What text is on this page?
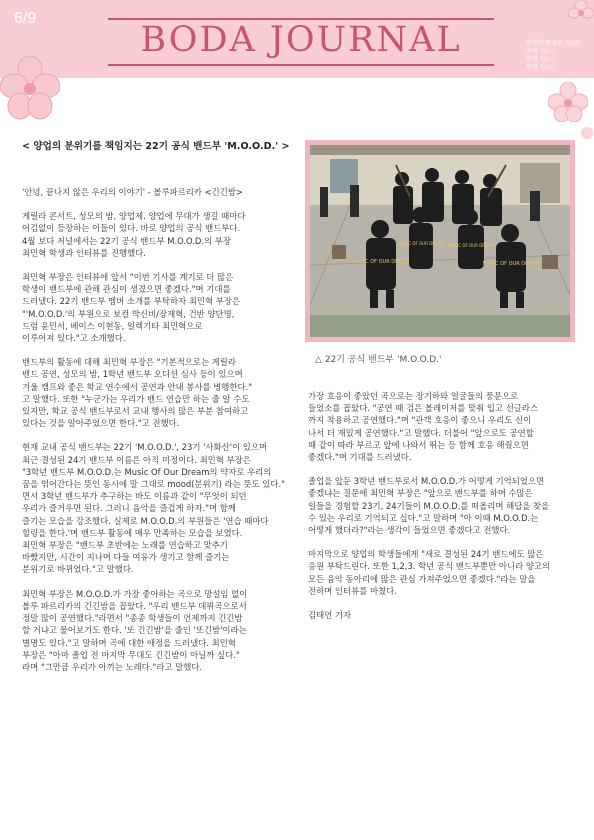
6/9
BODA JOURNAL	발행인 편집인 김OO
주최 김○○
발행 김○○
편집 김○○
< 양업의 분위기를 책임지는 22기 공식 밴드부 'M.O.O.D.' >

'안녕, 끝나지 않은 우리의 이야기' - 볼루파르리카 <긴긴밤>

게릴라 콘서트, 성모의 밤, 양업제. 양업에 무대가 생길 때마다
어김없이 등장하는 이들이 있다. 바로 양업의 공식 밴드부다.
4월 보다 저널에서는 22기 공식 밴드부 M.O.O.D.의 부장
최민혁 학생과 인터뷰를 진행했다.

최민혁 부장은 인터뷰에 앞서 "이번 기사를 계기로 더 많은
학생이 밴드부에 관해 관심이 생겼으면 좋겠다."며 기대를
드러냈다. 22기 밴드부 멤버 소개를 부탁하자 최민혁 부장은
"'M.O.O.D.'의 부원으로 보컬 박신비/장재혁, 건반 양단명,
드럼 윤민서, 베이스 이현동, 일렉기타 최민혁으로
이루어져 있다."고 소개했다.

밴드부의 활동에 대해 최민혁 부장은 "기본적으로는 게릴라
밴드 공연, 성모의 밤, 1학년 밴드부 오디션 심사 등이 있으며
겨울 캠프와 좋은 학교 연수에서 공연과 안내 봉사를 병행한다."
고 말했다. 또한 "누군가는 우리가 밴드 연습만 하는 줄 알 수도
있지만, 학교 공식 밴드부로서 교내 행사의 많은 부분 참여하고
있다는 것을 알아주었으면 한다."고 전했다.

현재 교내 공식 밴드부는 22기 'M.O.O.D.', 23기 '사화산'이 있으며
최근 결성된 24기 밴드부 이름은 아직 미정이다. 최민혁 부장은
"3학년 밴드부 M.O.O.D.는 Music Of Our Dream의 약자로 우리의
꿈을 엮어간다는 뜻인 동시에 말 그대로 mood(분위기) 라는 뜻도 있다."
면서 3학년 밴드부가 추구하는 바도 이름과 같이 "무엇이 되던
우리가 즐거우면 된다. 그러니 음악을 즐겁게 하자."며 함께
즐기는 모습을 강조했다. 실제로 M.O.O.D.의 부원들은 '연습 때마다
힐링을 한다.'며 밴드부 활동에 매우 만족하는 모습을 보였다.
최민혁 부장은 "밴드부 초반에는 노래를 연습하고 맞추기
바빴지만, 시간이 지나며 다들 여유가 생기고 함께 즐기는
분위기로 바뀌었다."고 말했다.

최민혁 부장은 M.O.O.D.가 가장 좋아하는 곡으로 망설임 없이
볼루 파르리카의 긴긴밤을 꼽았다. "우리 밴드부 데뷔곡으로서
정말 많이 공연했다."라면서 "종종 학생들이 언제까지 긴긴밤
할 거냐고 물어보기도 한다. '또 긴긴밤'을 줄인 '또긴밤'이라는
별명도 있다."고 말하며 곡에 대한 애정을 드러냈다. 최민혁
부장은 "아마 졸업 전 마지막 무대도 긴긴밤이 아닐까 싶다."
라며 "그만큼 우리가 아끼는 노래다."라고 말했다.

MUSIC OF OUR DREAM	MUSIC OF OUR DREAM
MUSIC OF OUR DREAM MUSIC OF OUR DREAM
△ 22기 공식 밴드부 'M.O.O.D.'

가장 호응이 좋았던 곡으로는 장기하와 얼굴들의 풍문으로
들었소를 꼽았다. "공연 때 검은 볼레이저를 맞춰 입고 선글라스
까지 착용하고 공연했다."며 "관객 호응이 좋으니 우리도 신이
나서 더 재밌게 공연했다."고 말했다. 더불어 "앞으로도 공연할
때 같이 따라 부르고 앞에 나와서 뛰는 등 함께 호응 해줬으면
좋겠다."며 기대를 드러냈다.

졸업을 앞둔 3학년 밴드부로서 M.O.O.D.가 어떻게 기억되었으면
좋겠냐는 질문에 최민혁 부장은 "앞으로 밴드부를 하며 수많은
일들을 경험할 23기, 24기들이 M.O.O.D.를 떠올리며 해답을 찾을
수 있는 우리로 기억되고 싶다."고 말하며 "아 이때 M.O.O.D.는
어떻게 했더라?"라는 생각이 들었으면 좋겠다고 전했다.

마지막으로 양업의 학생들에게 "새로 결성된 24기 밴드에도 많은
응원 부탁드린다. 또한 1,2,3. 학년 공식 밴드부뿐만 아니라 양고의
모든 음악 동아리에 많은 관심 가져주었으면 좋겠다."라는 말을
전하며 인터뷰를 마쳤다.

김태언 기자
